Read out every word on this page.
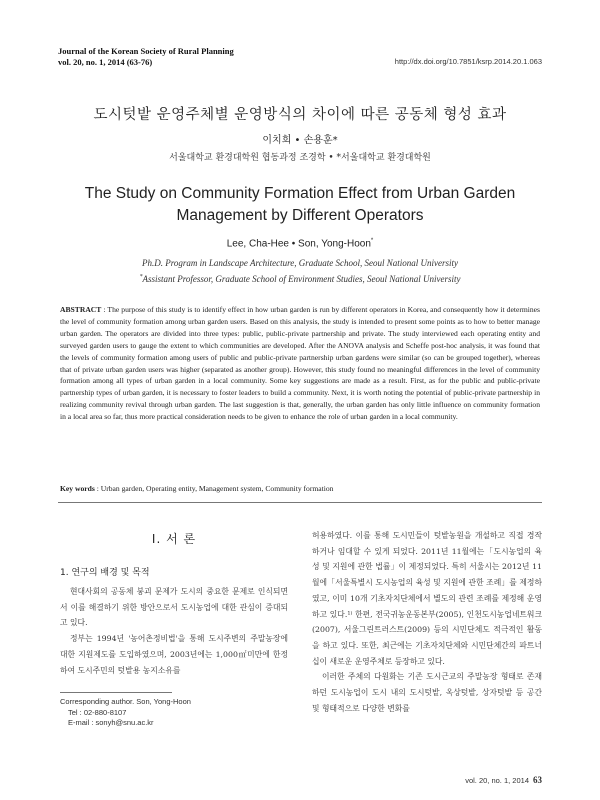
Journal of the Korean Society of Rural Planning
vol. 20, no. 1, 2014 (63-76)	http://dx.doi.org/10.7851/ksrp.2014.20.1.063
도시텃밭 운영주체별 운영방식의 차이에 따른 공동체 형성 효과
이치희 • 손용훈*
서울대학교 환경대학원 협동과정 조경학 • *서울대학교 환경대학원
The Study on Community Formation Effect from Urban Garden
Management by Different Operators
Lee, Cha-Hee • Son, Yong-Hoon*
Ph.D. Program in Landscape Architecture, Graduate School, Seoul National University
*Assistant Professor, Graduate School of Environment Studies, Seoul National University
ABSTRACT : The purpose of this study is to identify effect in how urban garden is run by different operators in Korea, and consequently how it determines the level of community formation among urban garden users. Based on this analysis, the study is intended to present some points as to how to better manage urban garden. The operators are divided into three types: public, public-private partnership and private. The study interviewed each operating entity and surveyed garden users to gauge the extent to which communities are developed. After the ANOVA analysis and Scheffe post-hoc analysis, it was found that the levels of community formation among users of public and public-private partnership urban gardens were similar (so can be grouped together), whereas that of private urban garden users was higher (separated as another group). However, this study found no meaningful differences in the level of community formation among all types of urban garden in a local community. Some key suggestions are made as a result. First, as for the public and public-private partnership types of urban garden, it is necessary to foster leaders to build a community. Next, it is worth noting the potential of public-private partnership in realizing community revival through urban garden. The last suggestion is that, generally, the urban garden has only little influence on community formation in a local area so far, thus more practical consideration needs to be given to enhance the role of urban garden in a local community.
Key words : Urban garden, Operating entity, Management system, Community formation
I. 서 론
1. 연구의 배경 및 목적

현대사회의 공동체 붕괴 문제가 도시의 중요한 문제로 인식되면서 이를 해결하기 위한 방안으로서 도시농업에 대한 관심이 증대되고 있다.

정부는 1994년 '농어촌정비법'을 통해 도시주변의 주말농장에 대한 지원제도를 도입하였으며, 2003년에는 1,000㎡미만에 한정하여 도시주민의 텃밭용 농지소유를

허용하였다. 이를 통해 도시민들이 텃밭농원을 개설하고 직접 경작하거나 임대할 수 있게 되었다. 2011년 11월에는「도시농업의 육성 및 지원에 관한 법률」이 제정되었다. 특히 서울시는 2012년 11월에「서울특별시 도시농업의 육성 및 지원에 관한 조례」를 제정하였고, 이미 10개 기초자치단체에서 별도의 관련 조례를 제정해 운영하고 있다.¹⁾ 한편, 전국귀농운동본부(2005), 인천도시농업네트워크(2007), 서울그린트러스트(2009) 등의 시민단체도 적극적인 활동을 하고 있다. 또한, 최근에는 기초자치단체와 시민단체간의 파트너십이 새로운 운영주체로 등장하고 있다.

이러한 주체의 다원화는 기존 도시근교의 주말농장 형태로 존재하던 도시농업이 도시 내의 도시텃밭, 옥상텃밭, 상자텃밭 등 공간 및 형태적으로 다양한 변화를

Corresponding author. Son, Yong-Hoon
Tel : 02-880-8107
E-mail : sonyh@snu.ac.kr
vol. 20, no. 1, 2014 63
